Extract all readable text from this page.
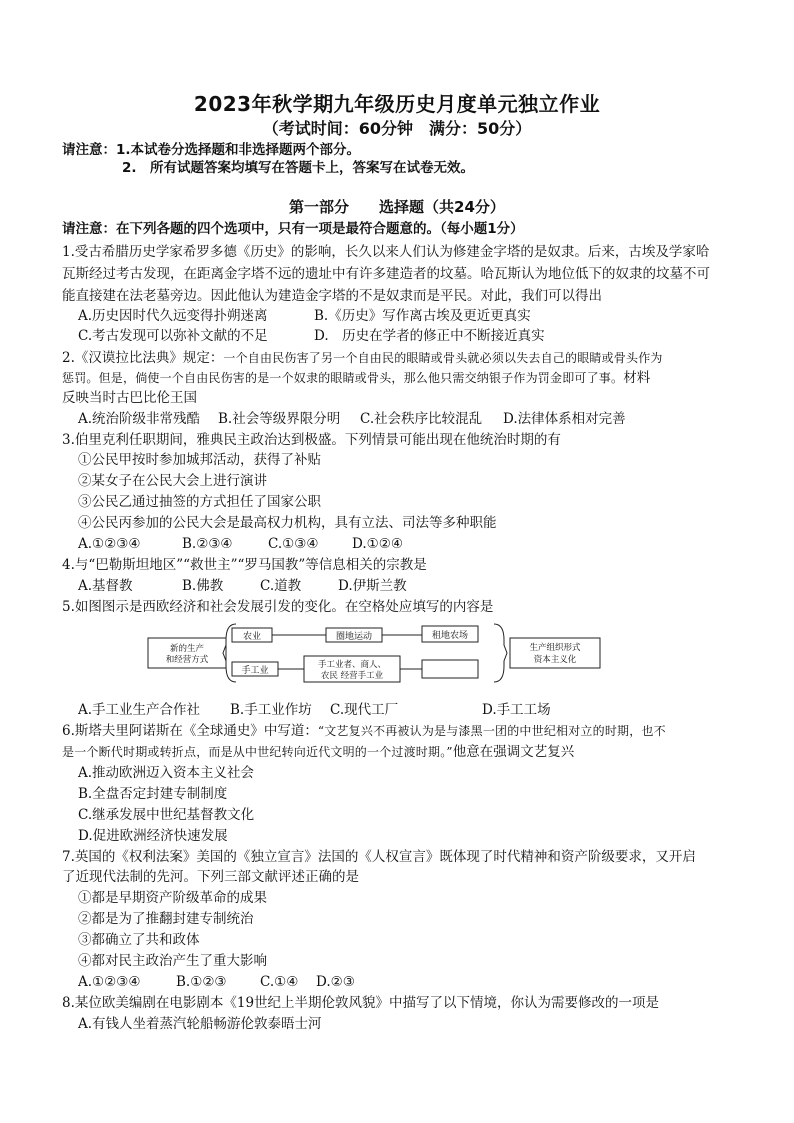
2023年秋学期九年级历史月度单元独立作业
（考试时间：60分钟　满分：50分）
请注意：1.本试卷分选择题和非选择题两个部分。
2.　所有试题答案均填写在答题卡上，答案写在试卷无效。
第一部分　　选择题（共24分）
请注意：在下列各题的四个选项中，只有一项是最符合题意的。（每小题1分）
1.受古希腊历史学家希罗多德《历史》的影响，长久以来人们认为修建金字塔的是奴隶。后来，古埃及学家哈
瓦斯经过考古发现，在距离金字塔不远的遗址中有许多建造者的坟墓。哈瓦斯认为地位低下的奴隶的坟墓不可
能直接建在法老墓旁边。因此他认为建造金字塔的不是奴隶而是平民。对此，我们可以得出
A.历史因时代久远变得扑朔迷离	B.《历史》写作离古埃及更近更真实
C.考古发现可以弥补文献的不足	D.　历史在学者的修正中不断接近真实
2.《汉谟拉比法典》规定：一个自由民伤害了另一个自由民的眼睛或骨头就必须以失去自己的眼睛或骨头作为
惩罚。但是，倘使一个自由民伤害的是一个奴隶的眼睛或骨头，那么他只需交纳银子作为罚金即可了事。材料
反映当时古巴比伦王国
A.统治阶级非常残酷 B.社会等级界限分明 C.社会秩序比较混乱 D.法律体系相对完善
3.伯里克利任职期间，雅典民主政治达到极盛。下列情景可能出现在他统治时期的有
①公民甲按时参加城邦活动，获得了补贴
②某女子在公民大会上进行演讲
③公民乙通过抽签的方式担任了国家公职
④公民丙参加的公民大会是最高权力机构，具有立法、司法等多种职能
A.①②③④	B.②③④	C.①③④ D.①②④
4.与“巴勒斯坦地区”“救世主”“罗马国教”等信息相关的宗教是
A.基督教	B.佛教	C.道教	D.伊斯兰教
5.如图图示是西欧经济和社会发展引发的变化。在空格处应填写的内容是
新的生产
和经营方式
农业	圈地运动	租地农场
手工业
手工业者、商人、
农民 经营手工业
生产组织形式
资本主义化
A.手工业生产合作社 B.手工业作坊 C.现代工厂	D.手工工场
6.斯塔夫里阿诺斯在《全球通史》中写道：“文艺复兴不再被认为是与漆黑一团的中世纪相对立的时期，也不
是一个断代时期或转折点，而是从中世纪转向近代文明的一个过渡时期。”他意在强调文艺复兴
A.推动欧洲迈入资本主义社会
B.全盘否定封建专制制度
C.继承发展中世纪基督教文化
D.促进欧洲经济快速发展
7.英国的《权利法案》美国的《独立宣言》法国的《人权宣言》既体现了时代精神和资产阶级要求，又开启
了近现代法制的先河。下列三部文献评述正确的是
①都是早期资产阶级革命的成果
②都是为了推翻封建专制统治
③都确立了共和政体
④都对民主政治产生了重大影响
A.①②③④	B.①②③ C.①④ D.②③
8.某位欧美编剧在电影剧本《19世纪上半期伦敦风貌》中描写了以下情境，你认为需要修改的一项是
A.有钱人坐着蒸汽轮船畅游伦敦泰晤士河
